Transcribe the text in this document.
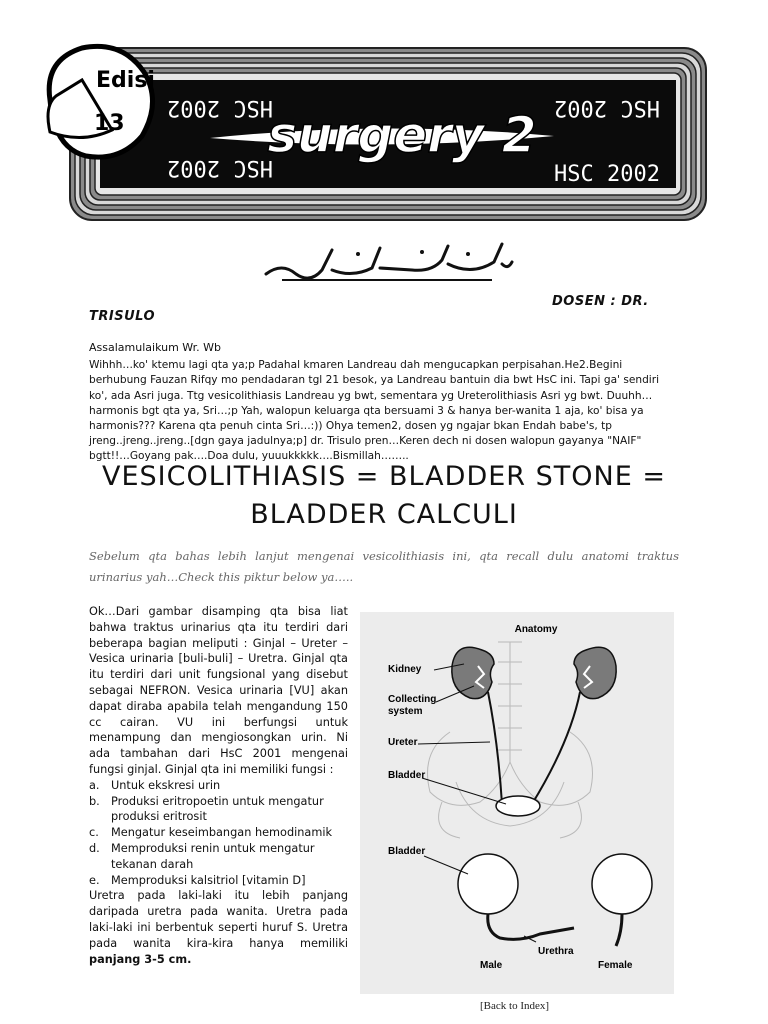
HSC 2002	HSC 2002
HSC 2002	HSC 2002
surgery 2
Edisi
13
DOSEN : DR.
TRISULO

Assalamulaikum Wr. Wb

Wihhh…ko' ktemu lagi qta ya;p Padahal kmaren Landreau dah mengucapkan perpisahan.He2.Begini berhubung Fauzan Rifqy mo pendadaran tgl 21 besok, ya Landreau bantuin dia bwt HsC ini. Tapi ga' sendiri ko', ada Asri juga. Ttg vesicolithiasis Landreau yg bwt, sementara yg Ureterolithiasis Asri yg bwt. Duuhh…harmonis bgt qta ya, Sri…;p Yah, walopun keluarga qta bersuami 3 & hanya ber-wanita 1 aja, ko' bisa ya harmonis??? Karena qta penuh cinta Sri…:)) Ohya temen2, dosen yg ngajar bkan Endah babe's, tp jreng..jreng..jreng..[dgn gaya jadulnya;p] dr. Trisulo pren…Keren dech ni dosen walopun gayanya "NAIF" bgtt!!…Goyang pak….Doa dulu, yuuukkkkk….Bismillah……..

VESICOLITHIASIS = BLADDER STONE =
BLADDER CALCULI
Sebelum qta bahas lebih lanjut mengenai vesicolithiasis ini, qta recall dulu anatomi traktus urinarius yah…Check this piktur below ya…..

Ok…Dari gambar disamping qta bisa liat bahwa traktus urinarius qta itu terdiri dari beberapa bagian meliputi : Ginjal – Ureter – Vesica urinaria [buli-buli] – Uretra. Ginjal qta itu terdiri dari unit fungsional yang disebut sebagai NEFRON. Vesica urinaria [VU] akan dapat diraba apabila telah mengandung 150 cc cairan. VU ini berfungsi untuk menampung dan mengiosongkan urin. Ni ada tambahan dari HsC 2001 mengenai fungsi ginjal. Ginjal qta ini memiliki fungsi :

a. Untuk ekskresi urin
b. Produksi eritropoetin untuk mengatur produksi eritrosit
c. Mengatur keseimbangan hemodinamik
d. Memproduksi renin untuk mengatur tekanan darah
e. Memproduksi kalsitriol [vitamin D]

Uretra pada laki-laki itu lebih panjang daripada uretra pada wanita. Uretra pada laki-laki ini berbentuk seperti huruf S. Uretra pada wanita kira-kira hanya memiliki panjang 3-5 cm.

Anatomy
Kidney
Collecting
system
Ureter
Bladder
Bladder
Urethra
Male	Female
[Back to Index]
